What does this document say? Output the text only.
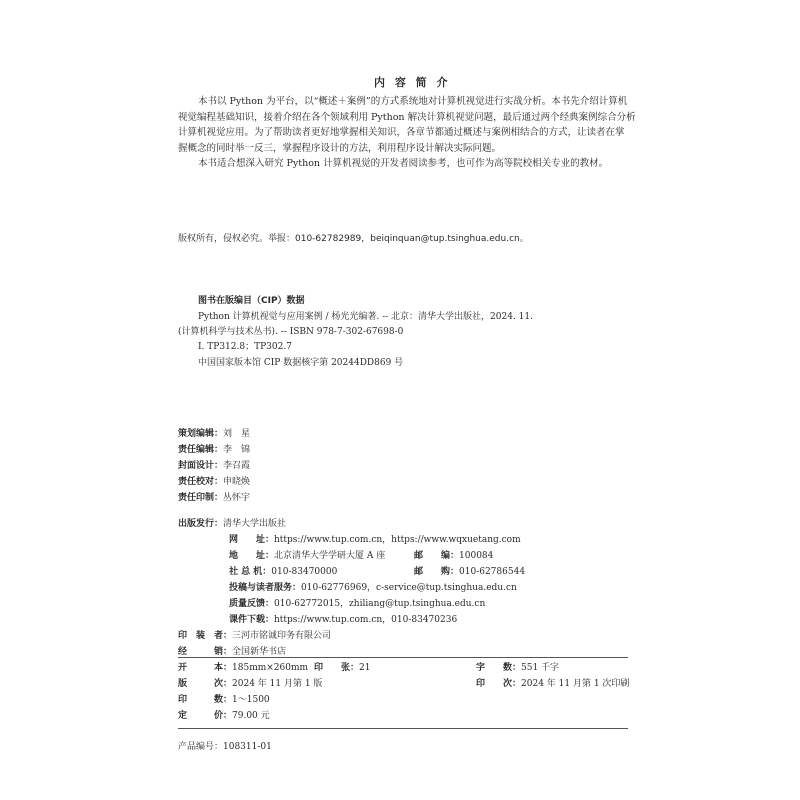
内 容 简 介
本书以 Python 为平台，以“概述＋案例”的方式系统地对计算机视觉进行实战分析。本书先介绍计算机
视觉编程基础知识，接着介绍在各个领域利用 Python 解决计算机视觉问题，最后通过两个经典案例综合分析
计算机视觉应用。为了帮助读者更好地掌握相关知识，各章节都通过概述与案例相结合的方式，让读者在掌
握概念的同时举一反三，掌握程序设计的方法，利用程序设计解决实际问题。
本书适合想深入研究 Python 计算机视觉的开发者阅读参考，也可作为高等院校相关专业的教材。
版权所有，侵权必究。举报：010-62782989，beiqinquan@tup.tsinghua.edu.cn。
图书在版编目（CIP）数据
Python 计算机视觉与应用案例 / 杨光光编著. -- 北京：清华大学出版社，2024. 11.
(计算机科学与技术丛书). -- ISBN 978-7-302-67698-0
Ⅰ. TP312.8；TP302.7
中国国家版本馆 CIP 数据核字第 20244DD869 号
策划编辑：刘　星
责任编辑：李　锦
封面设计：李召霞
责任校对：申晓焕
责任印制：丛怀宇
出版发行：清华大学出版社
网　　址：https://www.tup.com.cn，https://www.wqxuetang.com
地　　址：北京清华大学学研大厦 A 座	邮　　编：100084
社 总 机：010-83470000	邮　　购：010-62786544
投稿与读者服务：010-62776969，c-service@tup.tsinghua.edu.cn
质量反馈：010-62772015，zhiliang@tup.tsinghua.edu.cn
课件下载：https://www.tup.com.cn，010-83470236
印　装　者：三河市铭诚印务有限公司
经　　　销：全国新华书店
开　　　本：185mm×260mm 印　　张：21	字　　数：551 千字
版　　　次：2024 年 11 月第 1 版	印　　次：2024 年 11 月第 1 次印刷
印　　　数：1～1500
定　　　价：79.00 元
产品编号：108311-01
